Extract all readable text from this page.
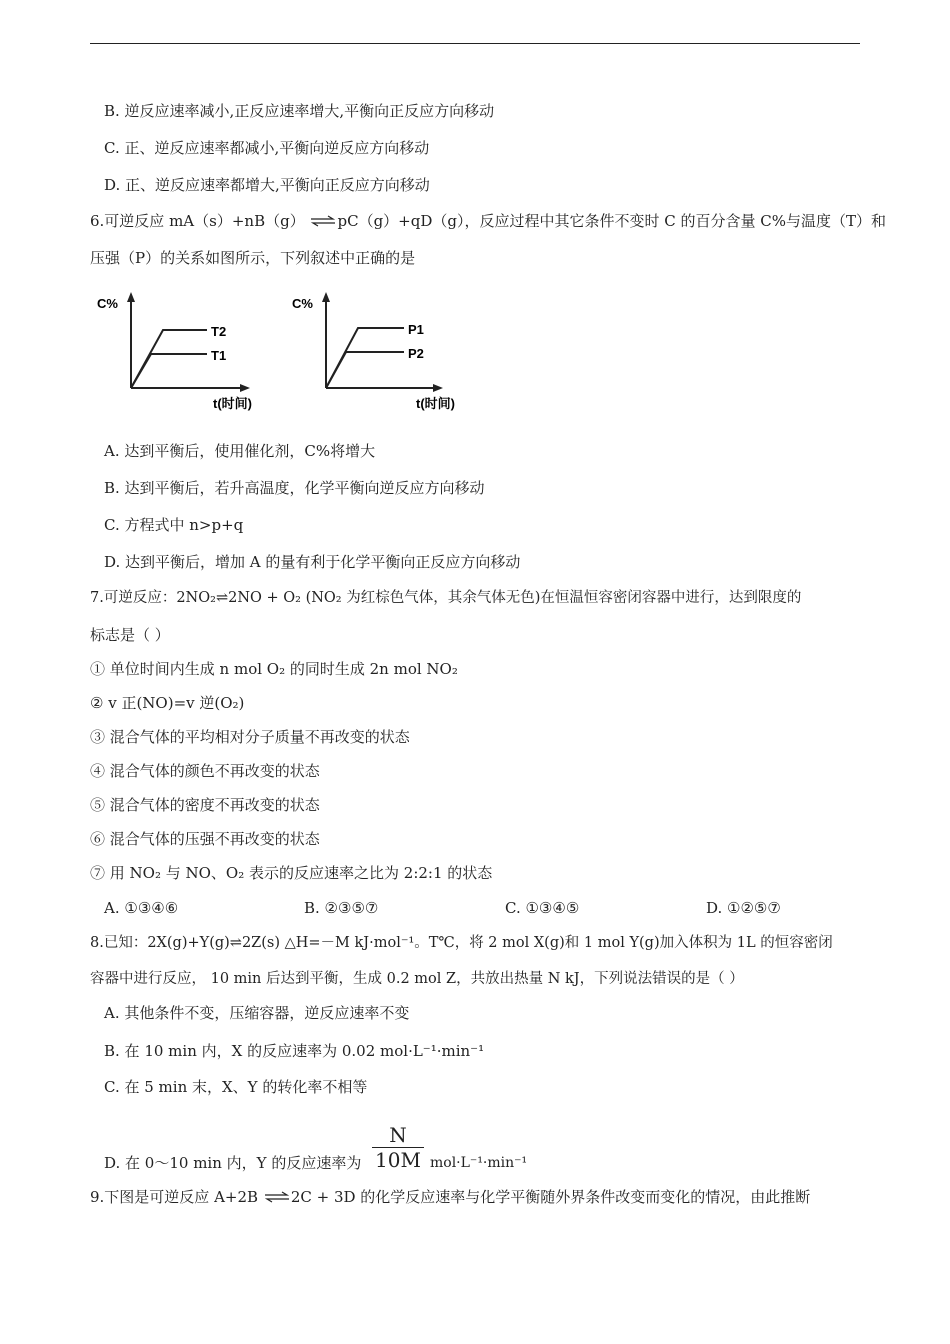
B. 逆反应速率减小,正反应速率增大,平衡向正反应方向移动
C. 正、逆反应速率都减小,平衡向逆反应方向移动
D. 正、逆反应速率都增大,平衡向正反应方向移动
6.可逆反应 mA（s）+nB（g） ⇌pC（g）+qD（g），反应过程中其它条件不变时 C 的百分含量 C%与温度（T）和
压强（P）的关系如图所示，下列叙述中正确的是
C%
T2
T1
t(时间)
C%
P1
P2
t(时间)
A. 达到平衡后，使用催化剂，C%将增大
B. 达到平衡后，若升高温度，化学平衡向逆反应方向移动
C. 方程式中 n>p+q
D. 达到平衡后，增加 A 的量有利于化学平衡向正反应方向移动
7.可逆反应：2NO₂⇌2NO + O₂ (NO₂ 为红棕色气体，其余气体无色)在恒温恒容密闭容器中进行，达到限度的
标志是（ ）
① 单位时间内生成 n mol O₂ 的同时生成 2n mol NO₂
② v 正(NO)=v 逆(O₂)
③ 混合气体的平均相对分子质量不再改变的状态
④ 混合气体的颜色不再改变的状态
⑤ 混合气体的密度不再改变的状态
⑥ 混合气体的压强不再改变的状态
⑦ 用 NO₂ 与 NO、O₂ 表示的反应速率之比为 2:2:1 的状态
A. ①③④⑥	B. ②③⑤⑦	C. ①③④⑤	D. ①②⑤⑦
8.已知：2X(g)+Y(g)⇌2Z(s) △H=－M kJ·mol⁻¹。T℃，将 2 mol X(g)和 1 mol Y(g)加入体积为 1L 的恒容密闭
容器中进行反应， 10 min 后达到平衡，生成 0.2 mol Z，共放出热量 N kJ，下列说法错误的是（ ）
A. 其他条件不变，压缩容器，逆反应速率不变
B. 在 10 min 内，X 的反应速率为 0.02 mol·L⁻¹·min⁻¹
C. 在 5 min 末，X、Y 的转化率不相等
D. 在 0～10 min 内，Y 的反应速率为
N
10M mol·L⁻¹·min⁻¹
9.下图是可逆反应 A+2B ⇌2C + 3D 的化学反应速率与化学平衡随外界条件改变而变化的情况，由此推断
